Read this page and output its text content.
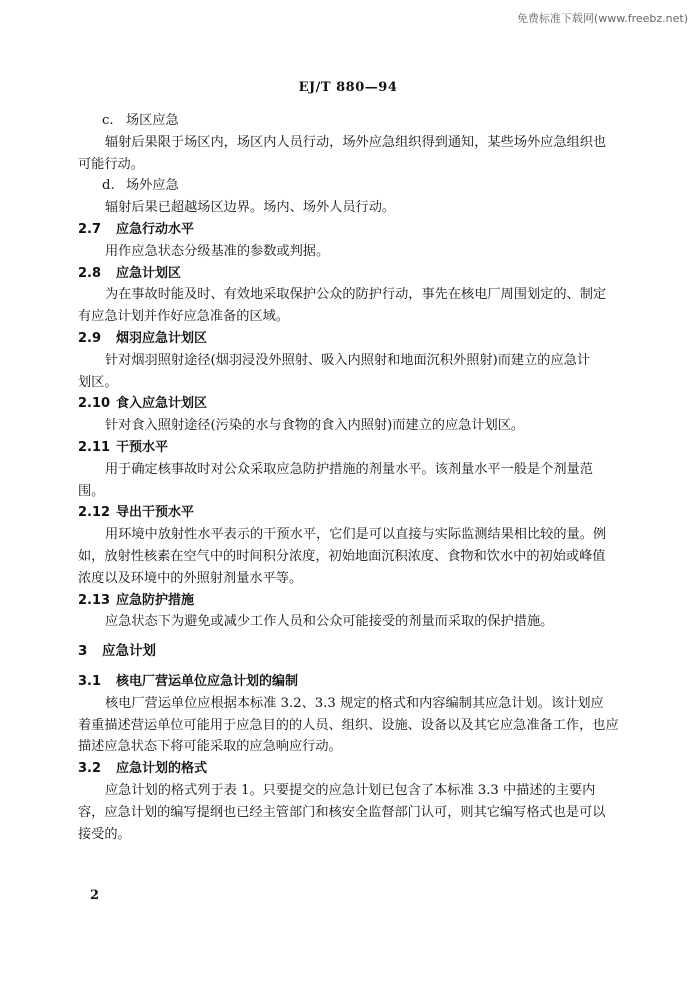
免费标准下载网(www.freebz.net)
EJ/T 880—94
c. 场区应急
辐射后果限于场区内，场区内人员行动，场外应急组织得到通知，某些场外应急组织也
可能行动。
d. 场外应急
辐射后果已超越场区边界。场内、场外人员行动。
2.7 应急行动水平
用作应急状态分级基准的参数或判据。
2.8 应急计划区
为在事故时能及时、有效地采取保护公众的防护行动，事先在核电厂周围划定的、制定
有应急计划并作好应急准备的区域。
2.9 烟羽应急计划区
针对烟羽照射途径(烟羽浸没外照射、吸入内照射和地面沉积外照射)而建立的应急计
划区。
2.10 食入应急计划区
针对食入照射途径(污染的水与食物的食入内照射)而建立的应急计划区。
2.11 干预水平
用于确定核事故时对公众采取应急防护措施的剂量水平。该剂量水平一般是个剂量范
围。
2.12 导出干预水平
用环境中放射性水平表示的干预水平，它们是可以直接与实际监测结果相比较的量。例
如，放射性核素在空气中的时间积分浓度，初始地面沉积浓度、食物和饮水中的初始或峰值
浓度以及环境中的外照射剂量水平等。
2.13 应急防护措施
应急状态下为避免或减少工作人员和公众可能接受的剂量而采取的保护措施。
3 应急计划
3.1 核电厂营运单位应急计划的编制
核电厂营运单位应根据本标准 3.2、3.3 规定的格式和内容编制其应急计划。该计划应
着重描述营运单位可能用于应急目的的人员、组织、设施、设备以及其它应急准备工作，也应
描述应急状态下将可能采取的应急响应行动。
3.2 应急计划的格式
应急计划的格式列于表 1。只要提交的应急计划已包含了本标准 3.3 中描述的主要内
容，应急计划的编写提纲也已经主管部门和核安全监督部门认可，则其它编写格式也是可以
接受的。
2
